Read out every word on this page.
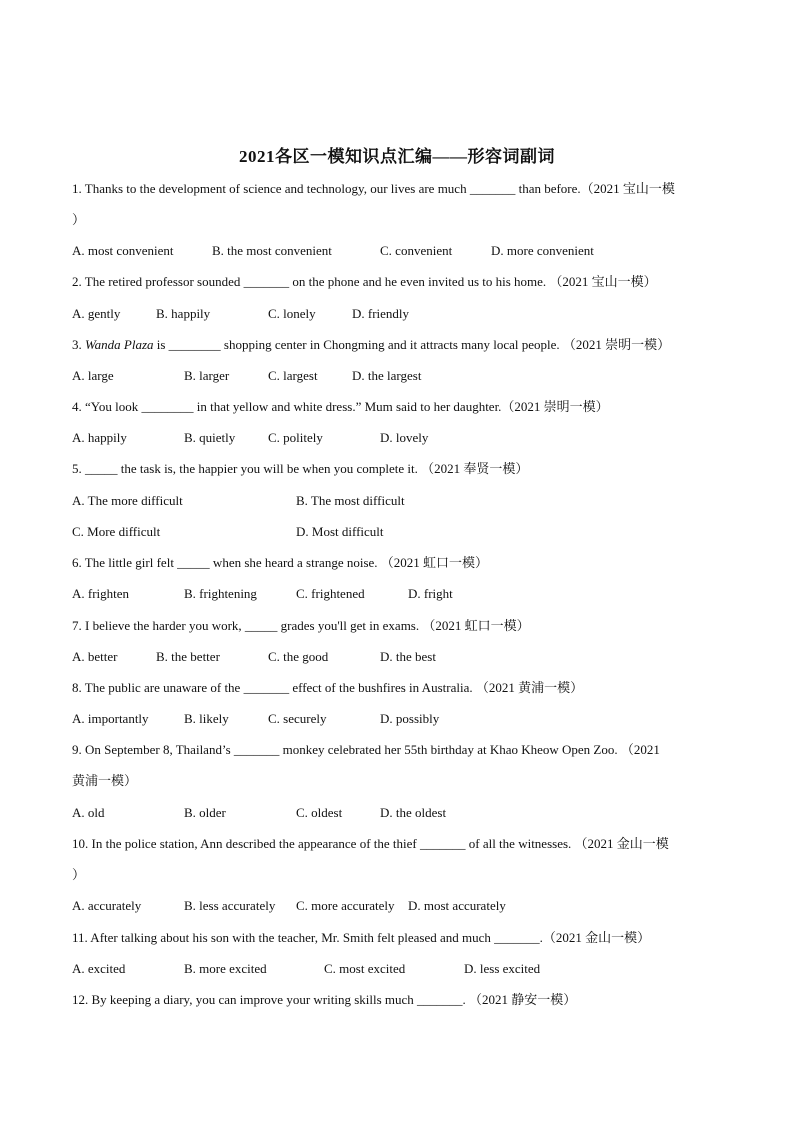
2021各区一模知识点汇编——形容词副词
1. Thanks to the development of science and technology, our lives are much _______ than before.（2021 宝山一模
）
A. most convenient	B. the most convenient	C. convenient	D. more convenient
2. The retired professor sounded _______ on the phone and he even invited us to his home. （2021 宝山一模）
A. gently	B. happily	C. lonely	D. friendly
3. Wanda Plaza is ________ shopping center in Chongming and it attracts many local people. （2021 崇明一模）
A. large	B. larger	C. largest	D. the largest
4. “You look ________ in that yellow and white dress.” Mum said to her daughter.（2021 崇明一模）
A. happily	B. quietly	C. politely	D. lovely
5. _____ the task is, the happier you will be when you complete it. （2021 奉贤一模）
A. The more difficult	B. The most difficult
C. More difficult	D. Most difficult
6. The little girl felt _____ when she heard a strange noise. （2021 虹口一模）
A. frighten	B. frightening	C. frightened	D. fright
7. I believe the harder you work, _____ grades you'll get in exams. （2021 虹口一模）
A. better	B. the better	C. the good	D. the best
8. The public are unaware of the _______ effect of the bushfires in Australia. （2021 黄浦一模）
A. importantly	B. likely	C. securely	D. possibly
9. On September 8, Thailand’s _______ monkey celebrated her 55th birthday at Khao Kheow Open Zoo. （2021
黄浦一模）
A. old	B. older	C. oldest	D. the oldest
10. In the police station, Ann described the appearance of the thief _______ of all the witnesses. （2021 金山一模
）
A. accurately	B. less accurately C. more accurately D. most accurately
11. After talking about his son with the teacher, Mr. Smith felt pleased and much _______.（2021 金山一模）
A. excited	B. more excited	C. most excited	D. less excited
12. By keeping a diary, you can improve your writing skills much _______. （2021 静安一模）
